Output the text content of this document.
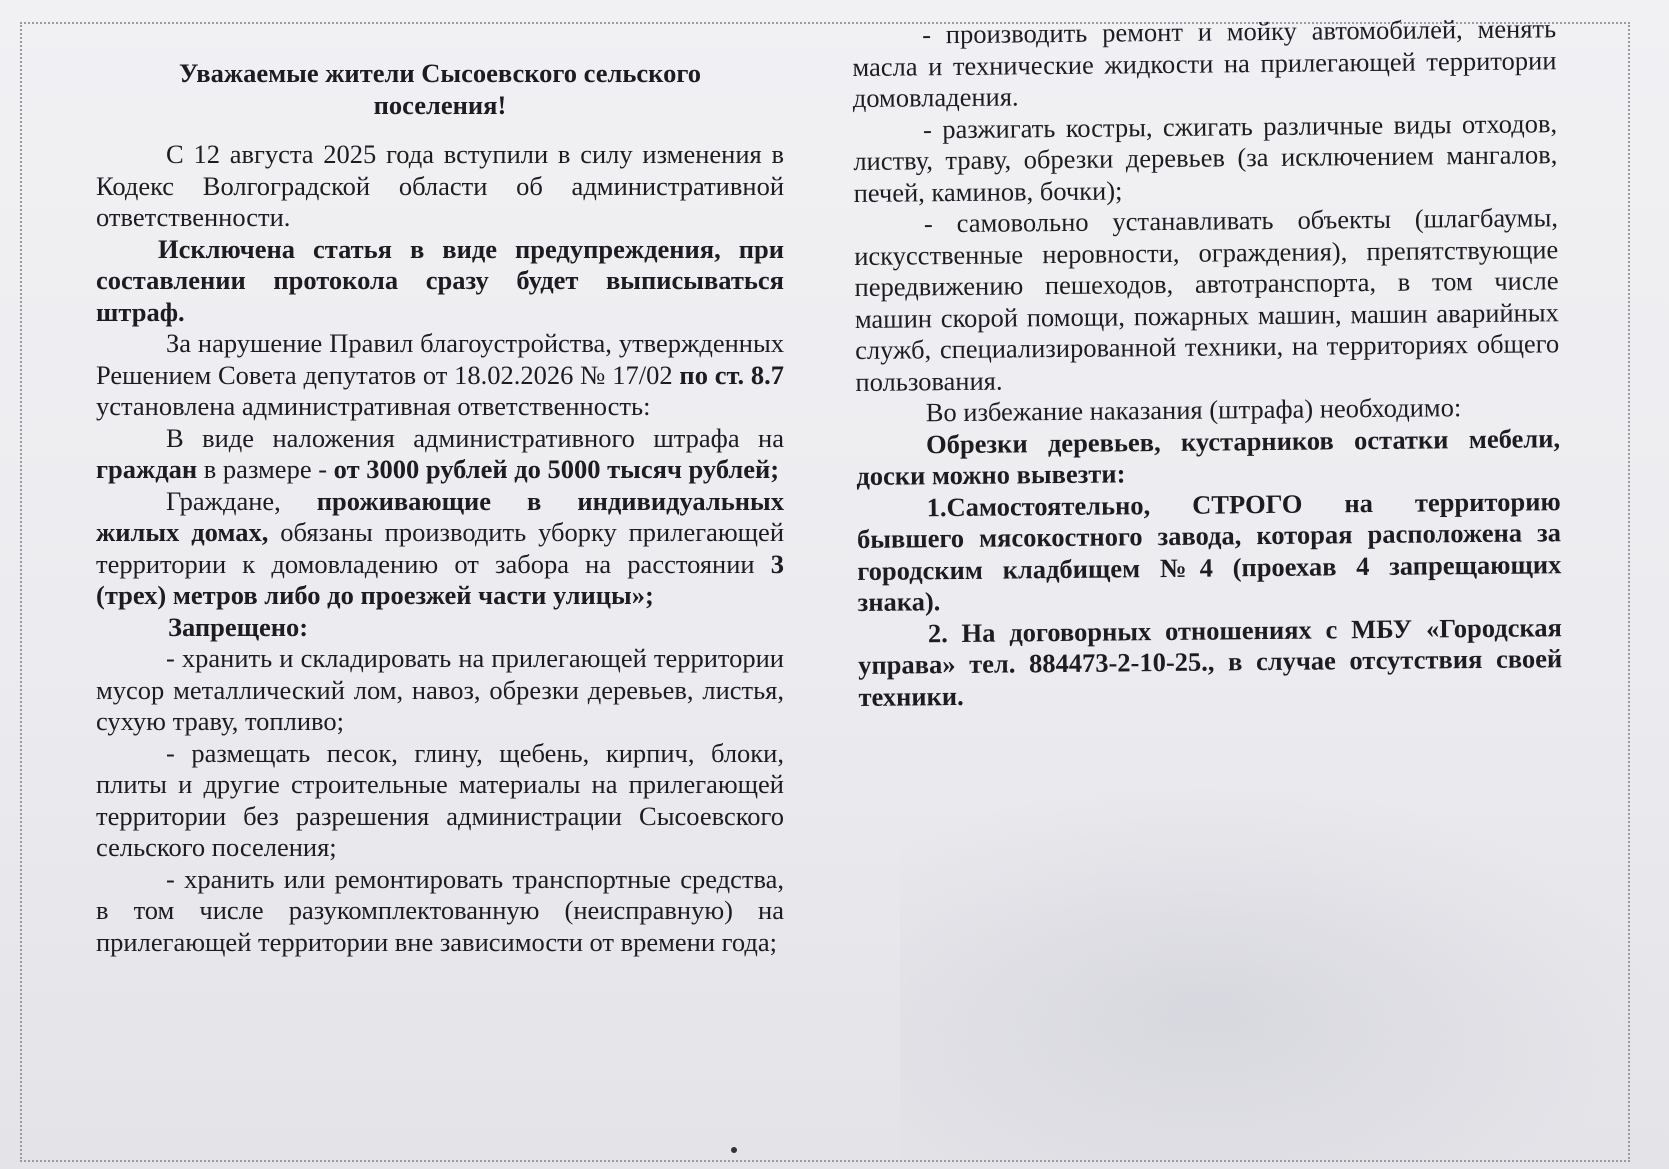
Уважаемые жители Сысоевского сельского поселения!

С 12 августа 2025 года вступили в силу изменения в Кодекс Волгоградской области об административной ответственности.

Исключена статья в виде предупреждения, при составлении протокола сразу будет выписываться штраф.

За нарушение Правил благоустройства, утвержденных Решением Совета депутатов от 18.02.2026 № 17/02 по ст. 8.7 установлена административная ответственность:

В виде наложения административного штрафа на граждан в размере - от 3000 рублей до 5000 тысяч рублей;

Граждане, проживающие в индивидуальных жилых домах, обязаны производить уборку прилегающей территории к домовладению от забора на расстоянии 3 (трех) метров либо до проезжей части улицы»;

Запрещено:

- хранить и складировать на прилегающей территории мусор металлический лом, навоз, обрезки деревьев, листья, сухую траву, топливо;

- размещать песок, глину, щебень, кирпич, блоки, плиты и другие строительные материалы на прилегающей территории без разрешения администрации Сысоевского сельского поселения;

- хранить или ремонтировать транспортные средства, в том числе разукомплектованную (неисправную) на прилегающей территории вне зависимости от времени года;

- производить ремонт и мойку автомобилей, менять масла и технические жидкости на прилегающей территории домовладения.

- разжигать костры, сжигать различные виды отходов, листву, траву, обрезки деревьев (за исключением мангалов, печей, каминов, бочки);

- самовольно устанавливать объекты (шлагбаумы, искусственные неровности, ограждения), препятствующие передвижению пешеходов, автотранспорта, в том числе машин скорой помощи, пожарных машин, машин аварийных служб, специализированной техники, на территориях общего пользования.

Во избежание наказания (штрафа) необходимо:

Обрезки деревьев, кустарников остатки мебели, доски можно вывезти:

1.Самостоятельно, СТРОГО на территорию бывшего мясокостного завода, которая расположена за городским кладбищем №4 (проехав 4 запрещающих знака).

2. На договорных отношениях с МБУ «Городская управа» тел. 884473-2-10-25., в случае отсутствия своей техники.
